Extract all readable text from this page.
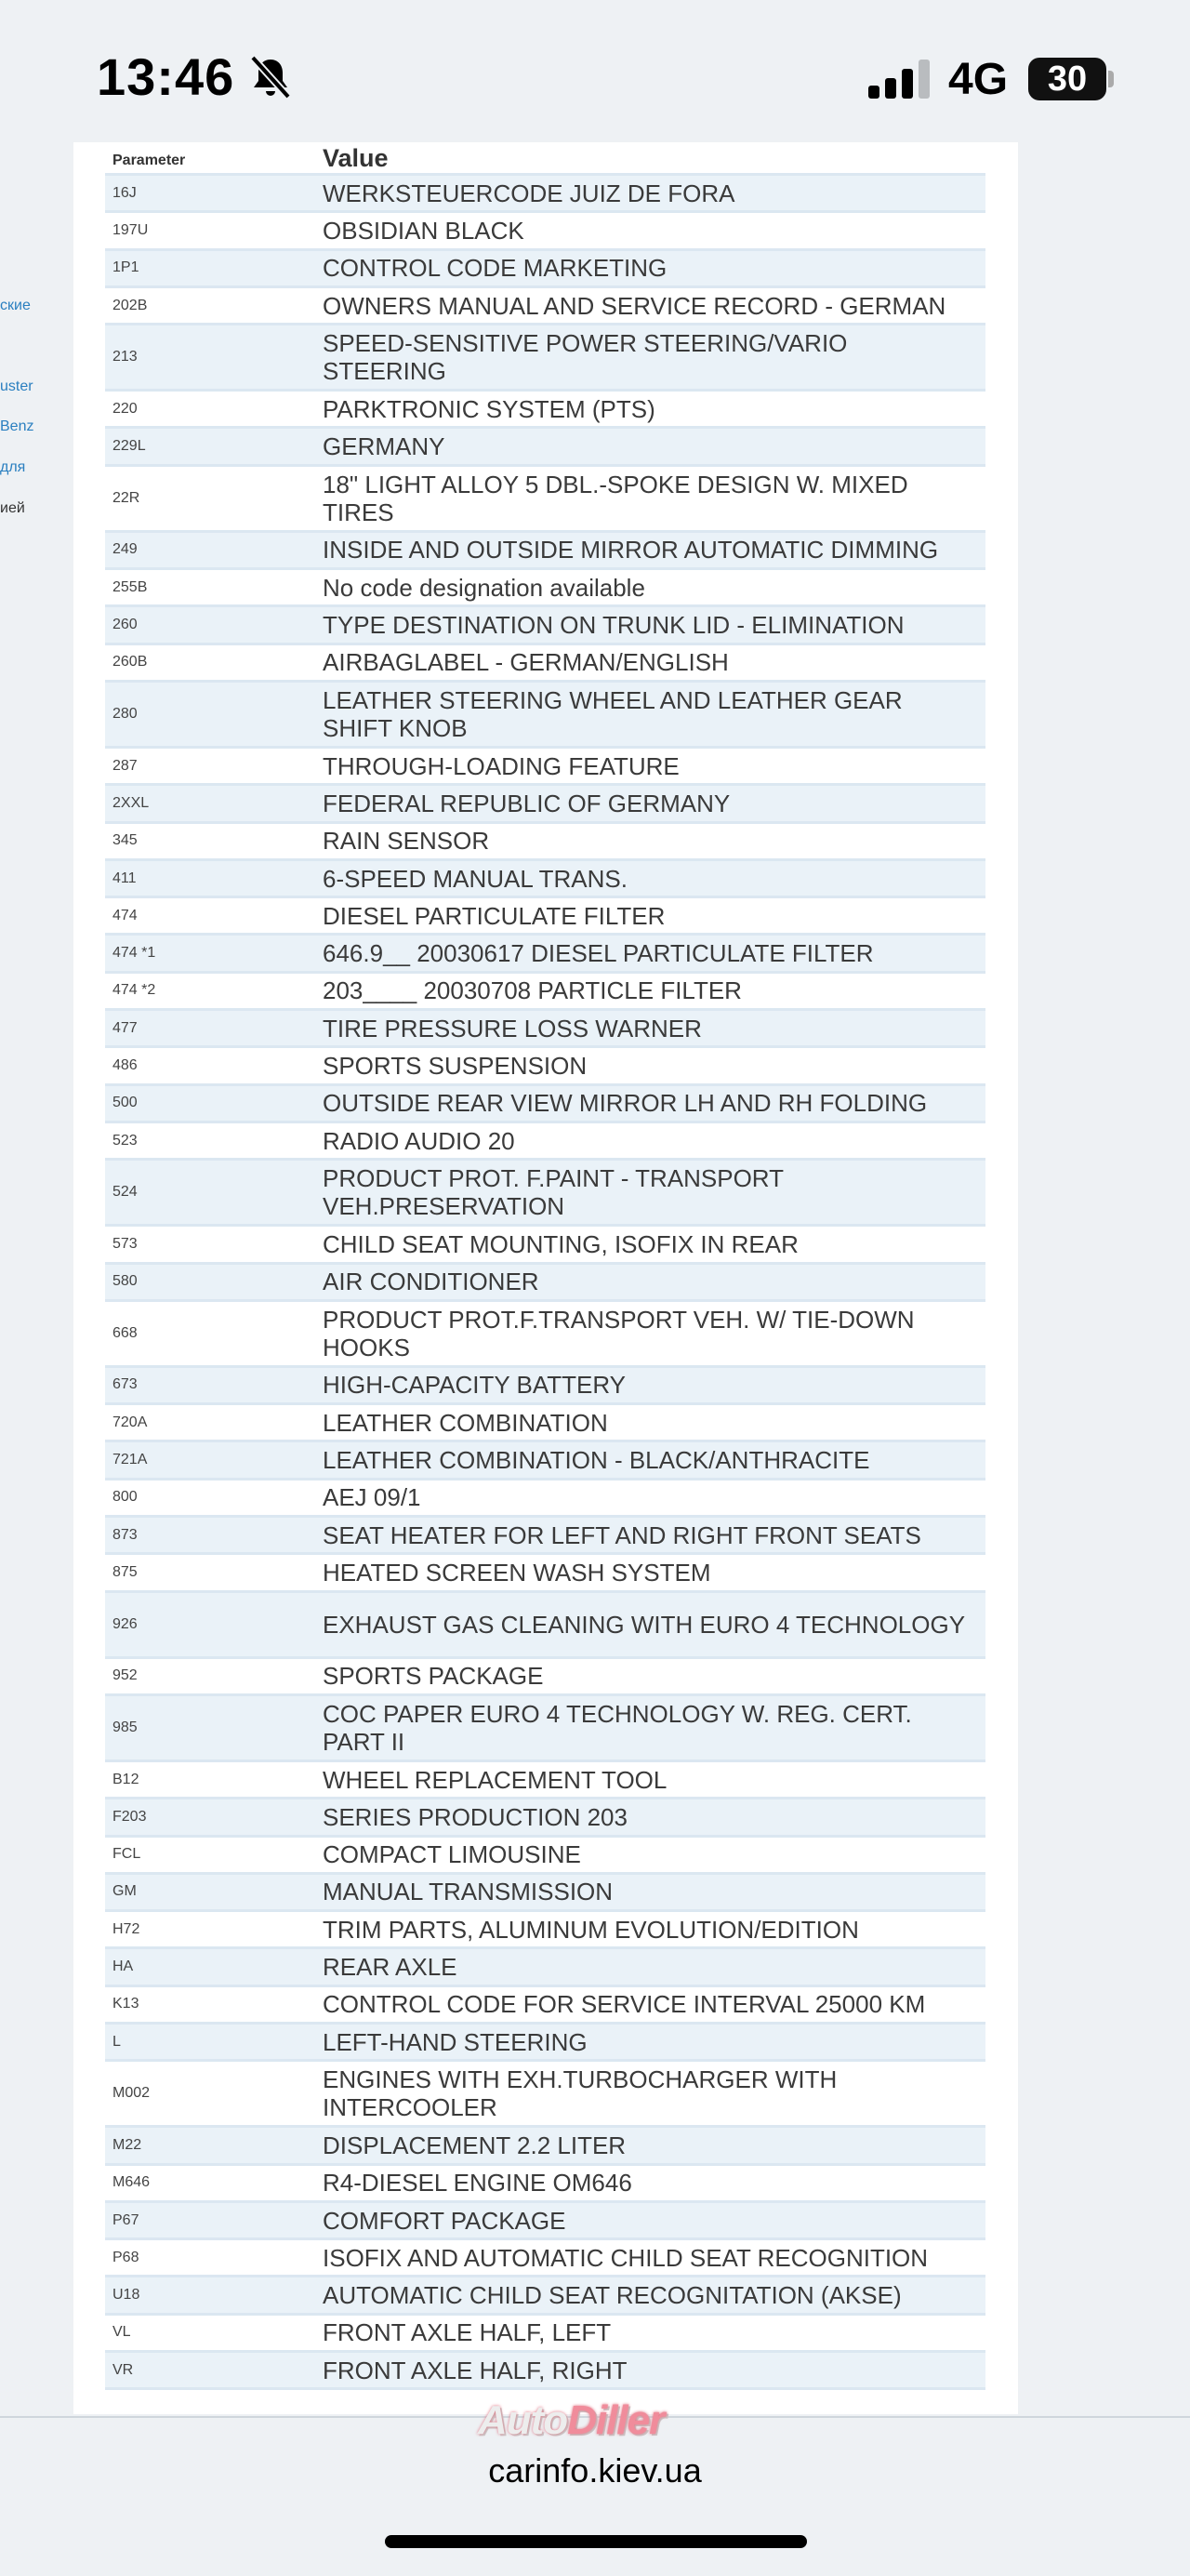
13:46	4G 30
ские
uster
Benz
для
ией
Parameter	Value
16J	WERKSTEUERCODE JUIZ DE FORA
197U	OBSIDIAN BLACK
1P1	CONTROL CODE MARKETING
202B	OWNERS MANUAL AND SERVICE RECORD - GERMAN
213	SPEED-SENSITIVE POWER STEERING/VARIO STEERING
220	PARKTRONIC SYSTEM (PTS)
229L	GERMANY
22R	18" LIGHT ALLOY 5 DBL.-SPOKE DESIGN W. MIXED TIRES
249	INSIDE AND OUTSIDE MIRROR AUTOMATIC DIMMING
255B	No code designation available
260	TYPE DESTINATION ON TRUNK LID - ELIMINATION
260B	AIRBAGLABEL - GERMAN/ENGLISH
280	LEATHER STEERING WHEEL AND LEATHER GEAR SHIFT KNOB
287	THROUGH-LOADING FEATURE
2XXL	FEDERAL REPUBLIC OF GERMANY
345	RAIN SENSOR
411	6-SPEED MANUAL TRANS.
474	DIESEL PARTICULATE FILTER
474 *1	646.9__ 20030617 DIESEL PARTICULATE FILTER
474 *2	203____ 20030708 PARTICLE FILTER
477	TIRE PRESSURE LOSS WARNER
486	SPORTS SUSPENSION
500	OUTSIDE REAR VIEW MIRROR LH AND RH FOLDING
523	RADIO AUDIO 20
524	PRODUCT PROT. F.PAINT - TRANSPORT VEH.PRESERVATION
573	CHILD SEAT MOUNTING, ISOFIX IN REAR
580	AIR CONDITIONER
668	PRODUCT PROT.F.TRANSPORT VEH. W/ TIE-DOWN HOOKS
673	HIGH-CAPACITY BATTERY
720A	LEATHER COMBINATION
721A	LEATHER COMBINATION - BLACK/ANTHRACITE
800	AEJ 09/1
873	SEAT HEATER FOR LEFT AND RIGHT FRONT SEATS
875	HEATED SCREEN WASH SYSTEM
926	EXHAUST GAS CLEANING WITH EURO 4 TECHNOLOGY
952	SPORTS PACKAGE
985	COC PAPER EURO 4 TECHNOLOGY W. REG. CERT. PART II
B12	WHEEL REPLACEMENT TOOL
F203	SERIES PRODUCTION 203
FCL	COMPACT LIMOUSINE
GM	MANUAL TRANSMISSION
H72	TRIM PARTS, ALUMINUM EVOLUTION/EDITION
HA	REAR AXLE
K13	CONTROL CODE FOR SERVICE INTERVAL 25000 KM
L	LEFT-HAND STEERING
M002	ENGINES WITH EXH.TURBOCHARGER WITH INTERCOOLER
M22	DISPLACEMENT 2.2 LITER
M646	R4-DIESEL ENGINE OM646
P67	COMFORT PACKAGE
P68	ISOFIX AND AUTOMATIC CHILD SEAT RECOGNITION
U18	AUTOMATIC CHILD SEAT RECOGNITATION (AKSE)
VL	FRONT AXLE HALF, LEFT
VR	FRONT AXLE HALF, RIGHT
AutoDiller
carinfo.kiev.ua
